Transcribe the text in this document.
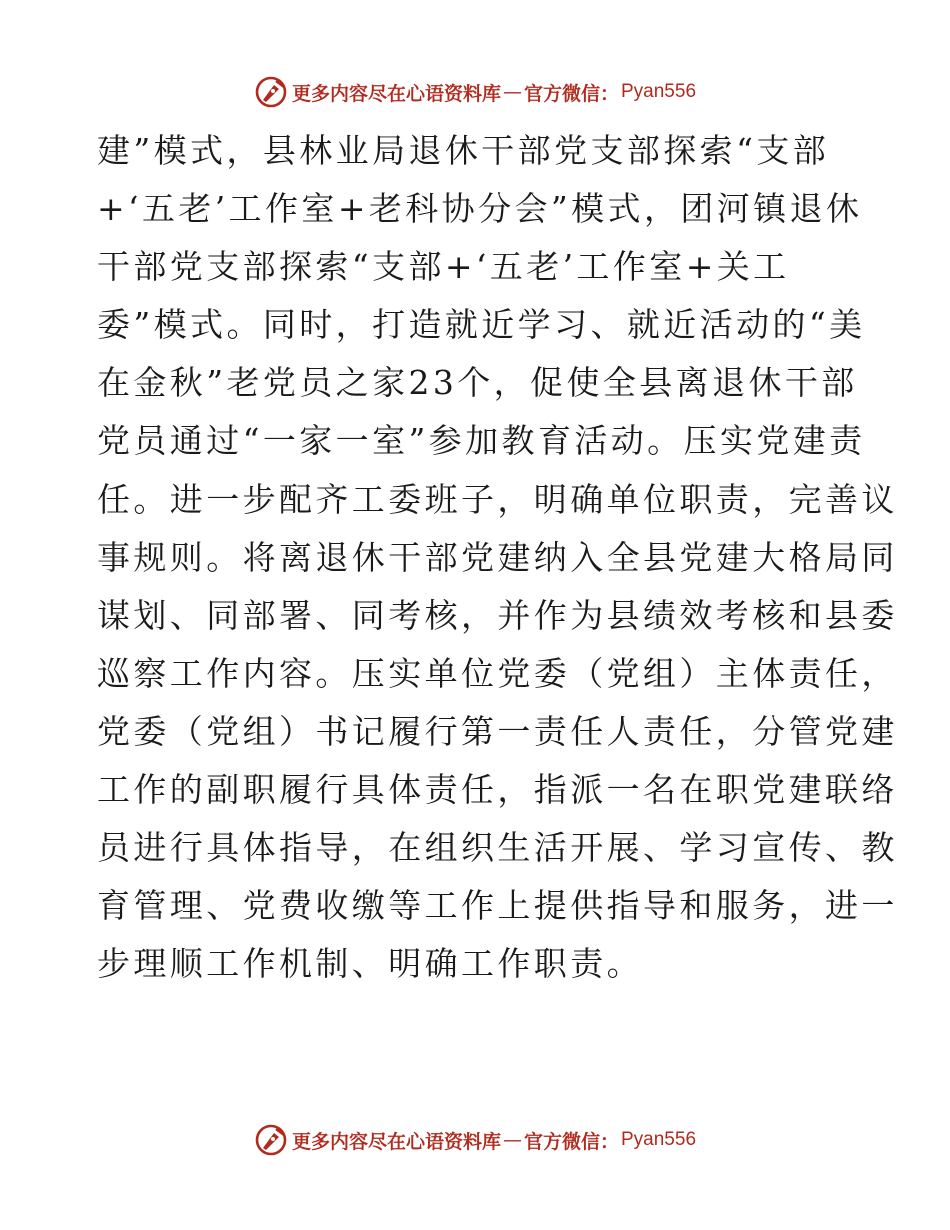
更多内容尽在心语资料库 — 官方微信： Pyan556
建”模式，县林业局退休干部党支部探索“支部
+‘五老’工作室+老科协分会”模式，团河镇退休
干部党支部探索“支部+‘五老’工作室+关工
委”模式。同时，打造就近学习、就近活动的“美
在金秋”老党员之家23个，促使全县离退休干部
党员通过“一家一室”参加教育活动。压实党建责
任。进一步配齐工委班子，明确单位职责，完善议
事规则。将离退休干部党建纳入全县党建大格局同
谋划、同部署、同考核，并作为县绩效考核和县委
巡察工作内容。压实单位党委（党组）主体责任，
党委（党组）书记履行第一责任人责任，分管党建
工作的副职履行具体责任，指派一名在职党建联络
员进行具体指导，在组织生活开展、学习宣传、教
育管理、党费收缴等工作上提供指导和服务，进一
步理顺工作机制、明确工作职责。
更多内容尽在心语资料库 — 官方微信： Pyan556
